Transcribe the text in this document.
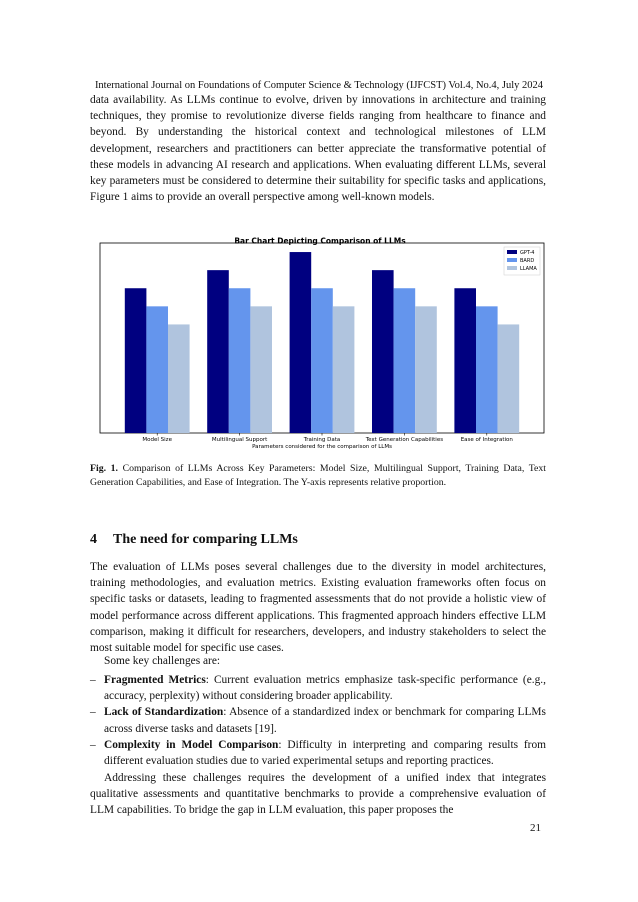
International Journal on Foundations of Computer Science & Technology (IJFCST) Vol.4, No.4, July 2024
data availability. As LLMs continue to evolve, driven by innovations in architecture and training techniques, they promise to revolutionize diverse fields ranging from healthcare to finance and beyond. By understanding the historical context and technological milestones of LLM development, researchers and practitioners can better appreciate the transformative potential of these models in advancing AI research and applications. When evaluating different LLMs, several key parameters must be considered to determine their suitability for specific tasks and applications, Figure 1 aims to provide an overall perspective among well-known models.
Bar Chart Depicting Comparison of LLMs
Model Size	Multilingual Support	Training Data	Text Generation Capabilities	Ease of Integration
Parameters considered for the comparison of LLMs
GPT-4
BARD
LLAMA
Fig. 1. Comparison of LLMs Across Key Parameters: Model Size, Multilingual Support, Training Data, Text Generation Capabilities, and Ease of Integration. The Y-axis represents relative proportion.
4 The need for comparing LLMs
The evaluation of LLMs poses several challenges due to the diversity in model architectures, training methodologies, and evaluation metrics. Existing evaluation frameworks often focus on specific tasks or datasets, leading to fragmented assessments that do not provide a holistic view of model performance across different applications. This fragmented approach hinders effective LLM comparison, making it difficult for researchers, developers, and industry stakeholders to select the most suitable model for specific use cases.
Some key challenges are:
– Fragmented Metrics: Current evaluation metrics emphasize task-specific performance (e.g., accuracy, perplexity) without considering broader applicability.
– Lack of Standardization: Absence of a standardized index or benchmark for comparing LLMs across diverse tasks and datasets [19].
– Complexity in Model Comparison: Difficulty in interpreting and comparing results from different evaluation studies due to varied experimental setups and reporting practices.
Addressing these challenges requires the development of a unified index that integrates qualitative assessments and quantitative benchmarks to provide a comprehensive evaluation of LLM capabilities. To bridge the gap in LLM evaluation, this paper proposes the
21
